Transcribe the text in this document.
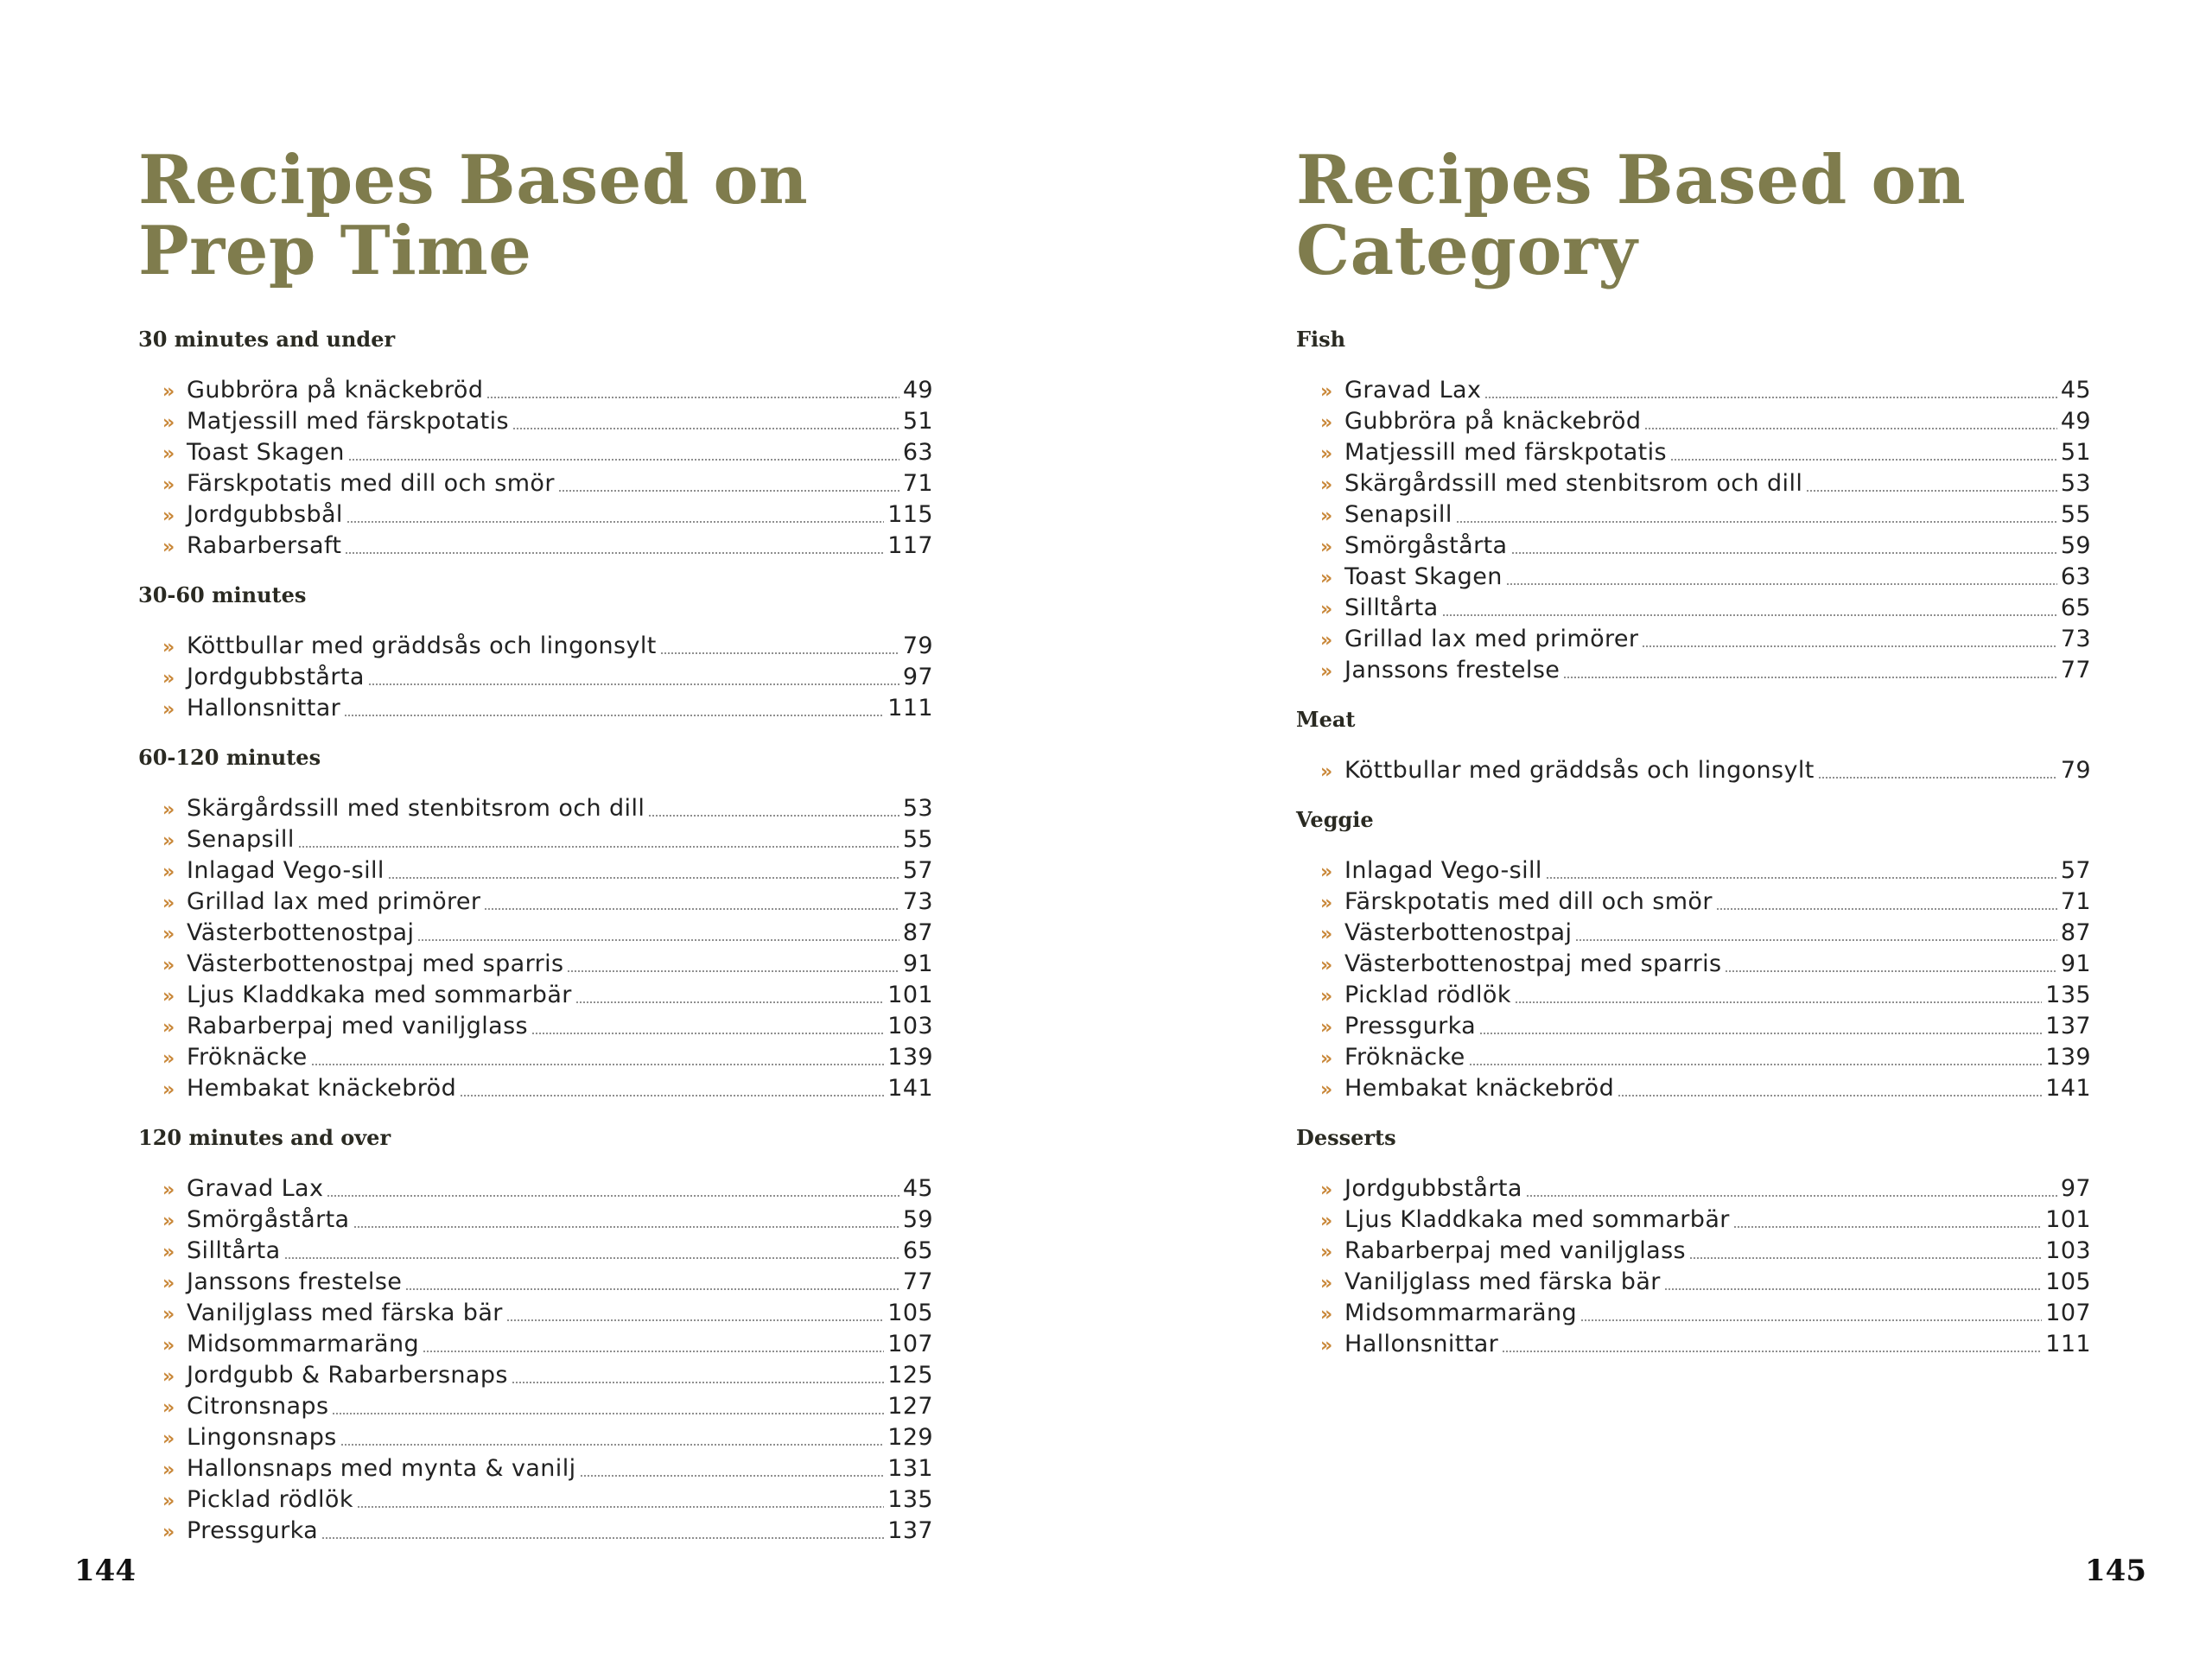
Recipes Based on
Prep Time
30 minutes and under
» Gubbröra på knäckebröd	49
» Matjessill med färskpotatis	51
» Toast Skagen	63
» Färskpotatis med dill och smör	71
» Jordgubbsbål	115
» Rabarbersaft	117
30-60 minutes
» Köttbullar med gräddsås och lingonsylt	79
» Jordgubbstårta	97
» Hallonsnittar	111
60-120 minutes
» Skärgårdssill med stenbitsrom och dill	53
» Senapsill	55
» Inlagad Vego-sill	57
» Grillad lax med primörer	73
» Västerbottenostpaj	87
» Västerbottenostpaj med sparris	91
» Ljus Kladdkaka med sommarbär	101
» Rabarberpaj med vaniljglass	103
» Fröknäcke	139
» Hembakat knäckebröd	141
120 minutes and over
» Gravad Lax	45
» Smörgåstårta	59
» Silltårta	65
» Janssons frestelse	77
» Vaniljglass med färska bär	105
» Midsommarmaräng	107
» Jordgubb & Rabarbersnaps	125
» Citronsnaps	127
» Lingonsnaps	129
» Hallonsnaps med mynta & vanilj	131
» Picklad rödlök	135
» Pressgurka	137
144
Recipes Based on
Category
Fish
» Gravad Lax	45
» Gubbröra på knäckebröd	49
» Matjessill med färskpotatis	51
» Skärgårdssill med stenbitsrom och dill	53
» Senapsill	55
» Smörgåstårta	59
» Toast Skagen	63
» Silltårta	65
» Grillad lax med primörer	73
» Janssons frestelse	77
Meat
» Köttbullar med gräddsås och lingonsylt	79
Veggie
» Inlagad Vego-sill	57
» Färskpotatis med dill och smör	71
» Västerbottenostpaj	87
» Västerbottenostpaj med sparris	91
» Picklad rödlök	135
» Pressgurka	137
» Fröknäcke	139
» Hembakat knäckebröd	141
Desserts
» Jordgubbstårta	97
» Ljus Kladdkaka med sommarbär	101
» Rabarberpaj med vaniljglass	103
» Vaniljglass med färska bär	105
» Midsommarmaräng	107
» Hallonsnittar	111
145
